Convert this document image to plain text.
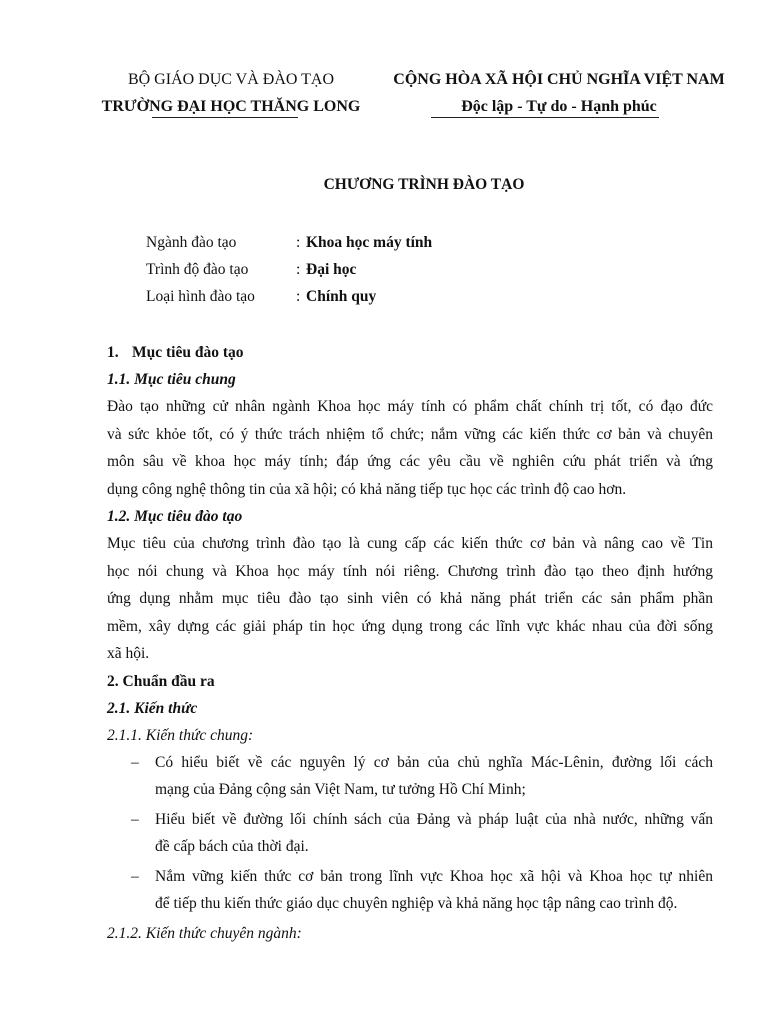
BỘ GIÁO DỤC VÀ ĐÀO TẠO
TRƯỜNG ĐẠI HỌC THĂNG LONG
CỘNG HÒA XÃ HỘI CHỦ NGHĨA VIỆT NAM
Độc lập - Tự do - Hạnh phúc
CHƯƠNG TRÌNH ĐÀO TẠO
Ngành đào tạo	: Khoa học máy tính
Trình độ đào tạo	: Đại học
Loại hình đào tạo	: Chính quy
1. Mục tiêu đào tạo
1.1. Mục tiêu chung

Đào tạo những cử nhân ngành Khoa học máy tính có phẩm chất chính trị tốt, có đạo đức
và sức khỏe tốt, có ý thức trách nhiệm tổ chức; nắm vững các kiến thức cơ bản và chuyên
môn sâu về khoa học máy tính; đáp ứng các yêu cầu về nghiên cứu phát triển và ứng
dụng công nghệ thông tin của xã hội; có khả năng tiếp tục học các trình độ cao hơn.

1.2. Mục tiêu đào tạo

Mục tiêu của chương trình đào tạo là cung cấp các kiến thức cơ bản và nâng cao về Tin
học nói chung và Khoa học máy tính nói riêng. Chương trình đào tạo theo định hướng
ứng dụng nhằm mục tiêu đào tạo sinh viên có khả năng phát triển các sản phẩm phần
mềm, xây dựng các giải pháp tin học ứng dụng trong các lĩnh vực khác nhau của đời sống
xã hội.

2. Chuẩn đầu ra
2.1. Kiến thức
2.1.1. Kiến thức chung:
– Có hiểu biết về các nguyên lý cơ bản của chủ nghĩa Mác-Lênin, đường lối cách
mạng của Đảng cộng sản Việt Nam, tư tưởng Hồ Chí Minh;
– Hiểu biết về đường lối chính sách của Đảng và pháp luật của nhà nước, những vấn
đề cấp bách của thời đại.
– Nắm vững kiến thức cơ bản trong lĩnh vực Khoa học xã hội và Khoa học tự nhiên
để tiếp thu kiến thức giáo dục chuyên nghiệp và khả năng học tập nâng cao trình độ.
2.1.2. Kiến thức chuyên ngành:
